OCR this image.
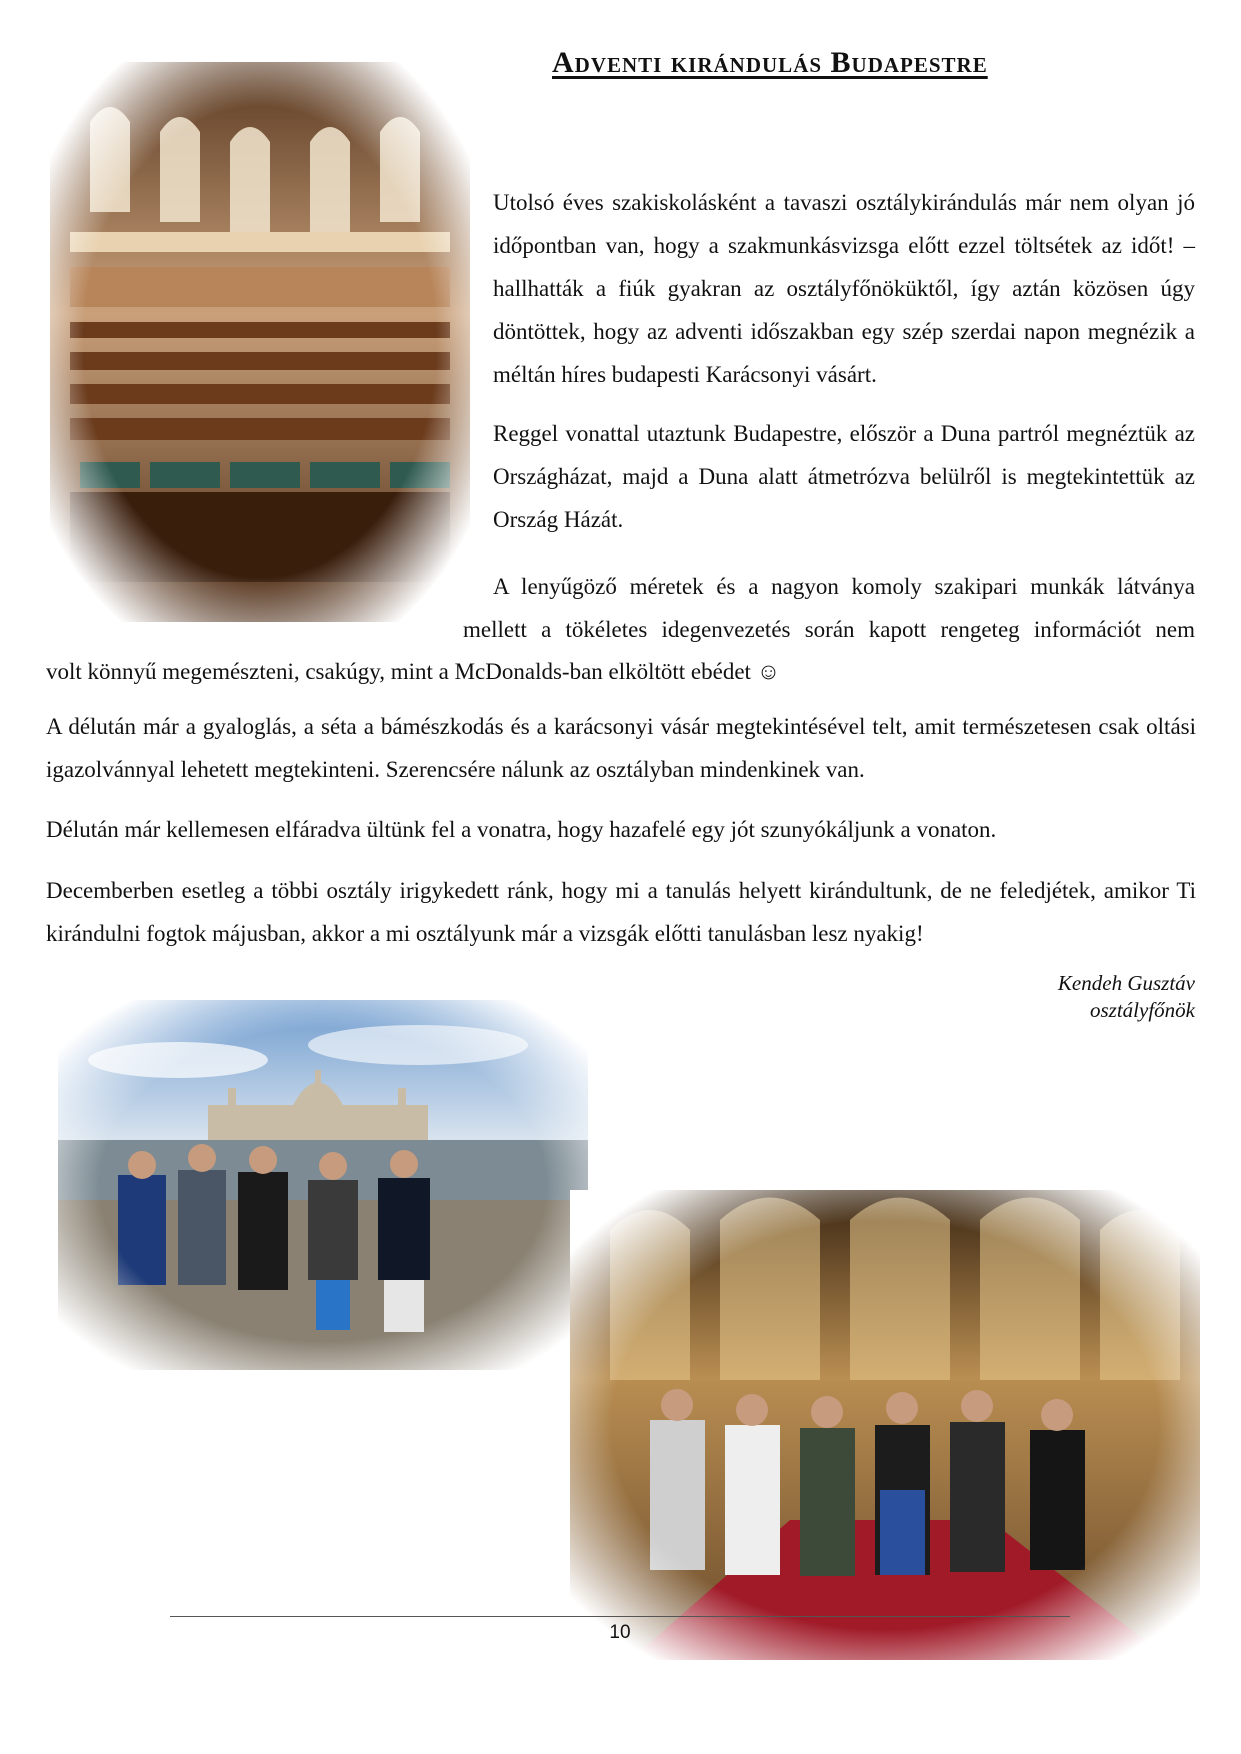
Adventi kirándulás Budapestre

Utolsó éves szakiskolásként a tavaszi osztálykirándulás már nem olyan jó időpontban van, hogy a szakmunkásvizsga előtt ezzel töltsétek az időt! – hallhatták a fiúk gyakran az osztályfőnöküktől, így aztán közösen úgy döntöttek, hogy az adventi időszakban egy szép szerdai napon megnézik a méltán híres budapesti Karácsonyi vásárt.

Reggel vonattal utaztunk Budapestre, először a Duna partról megnéztük az Országházat, majd a Duna alatt átmetrózva belülről is megtekintettük az Ország Házát.

A lenyűgöző méretek és a nagyon komoly szakipari munkák látványa

mellett a tökéletes idegenvezetés során kapott rengeteg információt nem

volt könnyű megemészteni, csakúgy, mint a McDonalds-ban elköltött ebédet ☺

A délután már a gyaloglás, a séta a bámészkodás és a karácsonyi vásár megtekintésével telt, amit természetesen csak oltási igazolvánnyal lehetett megtekinteni. Szerencsére nálunk az osztályban mindenkinek van.

Délután már kellemesen elfáradva ültünk fel a vonatra, hogy hazafelé egy jót szunyókáljunk a vonaton.

Decemberben esetleg a többi osztály irigykedett ránk, hogy mi a tanulás helyett kirándultunk, de ne feledjétek, amikor Ti kirándulni fogtok májusban, akkor a mi osztályunk már a vizsgák előtti tanulásban lesz nyakig!

Kendeh Gusztáv
osztályfőnök
10
